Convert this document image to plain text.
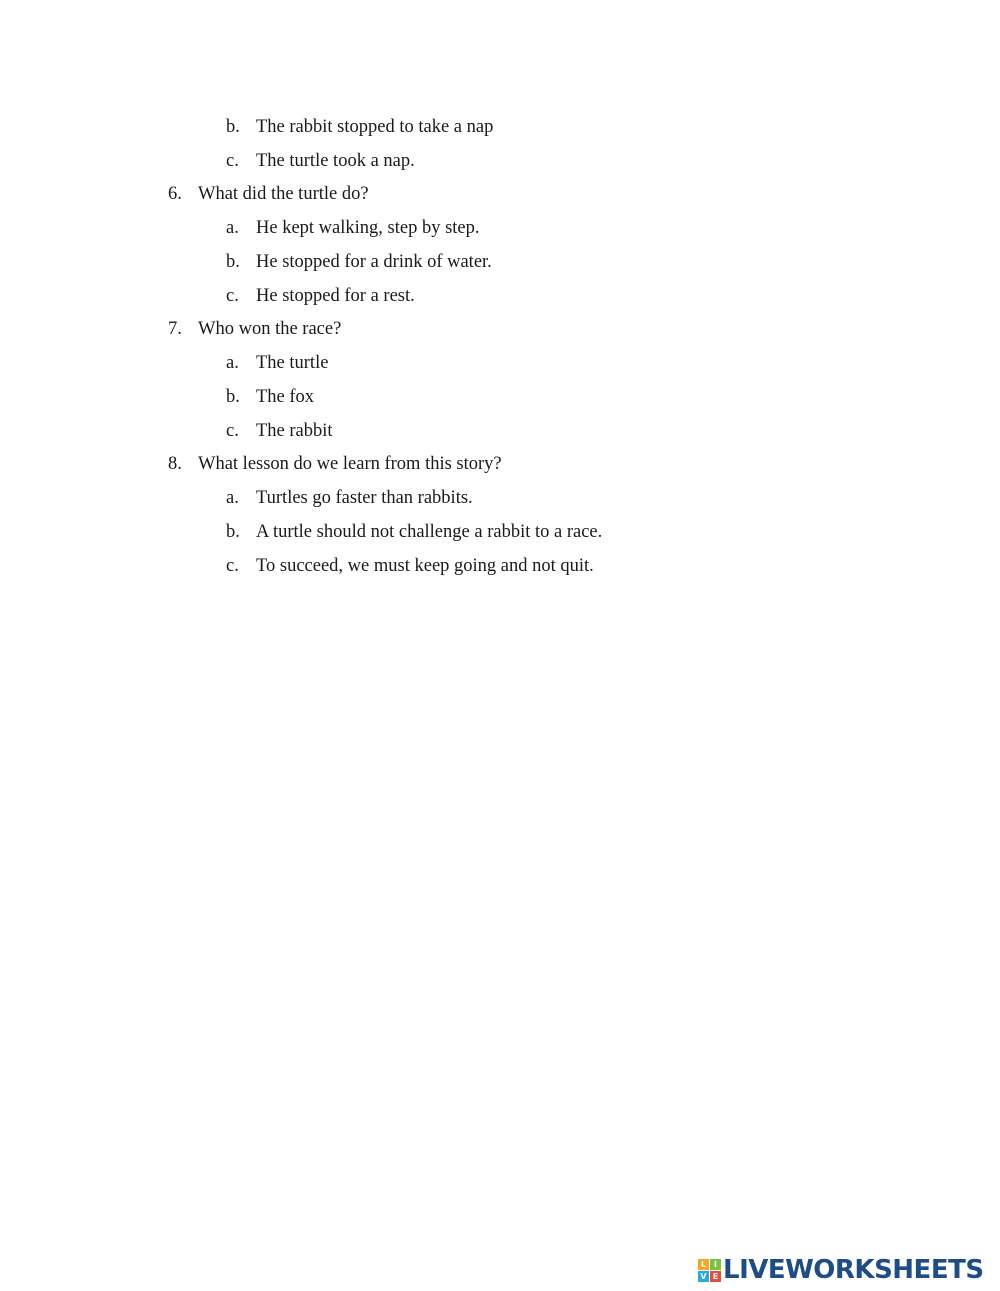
b. The rabbit stopped to take a nap
c. The turtle took a nap.
6. What did the turtle do?
a. He kept walking, step by step.
b. He stopped for a drink of water.
c. He stopped for a rest.
7. Who won the race?
a. The turtle
b. The fox
c. The rabbit
8. What lesson do we learn from this story?
a. Turtles go faster than rabbits.
b. A turtle should not challenge a rabbit to a race.
c. To succeed, we must keep going and not quit.
L I
V E LIVEWORKSHEETS
